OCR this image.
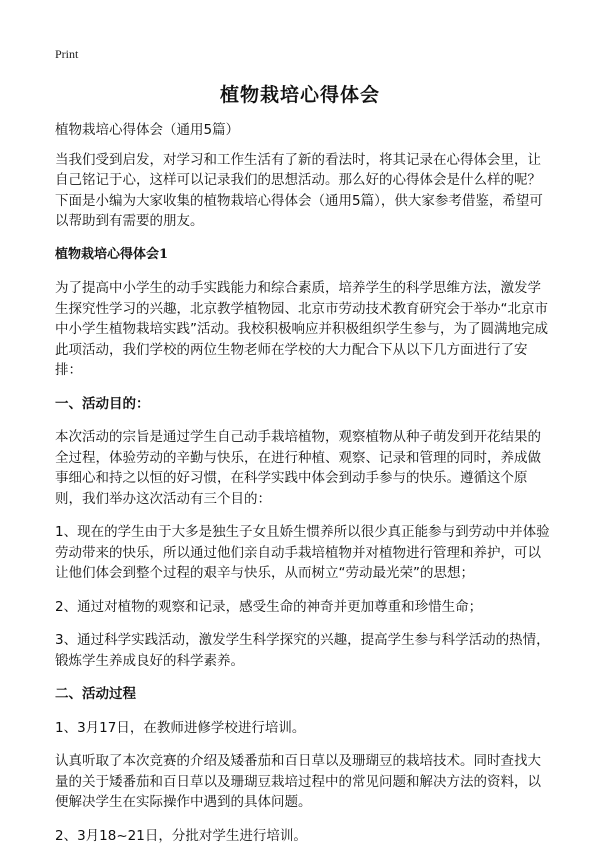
Print
植物栽培心得体会

植物栽培心得体会（通用5篇）

当我们受到启发，对学习和工作生活有了新的看法时，将其记录在心得体会里，让自己铭记于心，这样可以记录我们的思想活动。那么好的心得体会是什么样的呢？下面是小编为大家收集的植物栽培心得体会（通用5篇），供大家参考借鉴，希望可以帮助到有需要的朋友。

植物栽培心得体会1

为了提高中小学生的动手实践能力和综合素质，培养学生的科学思维方法，激发学生探究性学习的兴趣，北京教学植物园、北京市劳动技术教育研究会于举办“北京市中小学生植物栽培实践”活动。我校积极响应并积极组织学生参与，为了圆满地完成此项活动，我们学校的两位生物老师在学校的大力配合下从以下几方面进行了安排：

一、活动目的：

本次活动的宗旨是通过学生自己动手栽培植物，观察植物从种子萌发到开花结果的全过程，体验劳动的辛勤与快乐，在进行种植、观察、记录和管理的同时，养成做事细心和持之以恒的好习惯，在科学实践中体会到动手参与的快乐。遵循这个原则，我们举办这次活动有三个目的：

1、现在的学生由于大多是独生子女且娇生惯养所以很少真正能参与到劳动中并体验劳动带来的快乐，所以通过他们亲自动手栽培植物并对植物进行管理和养护，可以让他们体会到整个过程的艰辛与快乐，从而树立“劳动最光荣”的思想；

2、通过对植物的观察和记录，感受生命的神奇并更加尊重和珍惜生命；

3、通过科学实践活动，激发学生科学探究的兴趣，提高学生参与科学活动的热情，锻炼学生养成良好的科学素养。

二、活动过程

1、3月17日，在教师进修学校进行培训。

认真听取了本次竞赛的介绍及矮番茄和百日草以及珊瑚豆的栽培技术。同时查找大量的关于矮番茄和百日草以及珊瑚豆栽培过程中的常见问题和解决方法的资料，以便解决学生在实际操作中遇到的具体问题。

2、3月18~21日，分批对学生进行培训。
